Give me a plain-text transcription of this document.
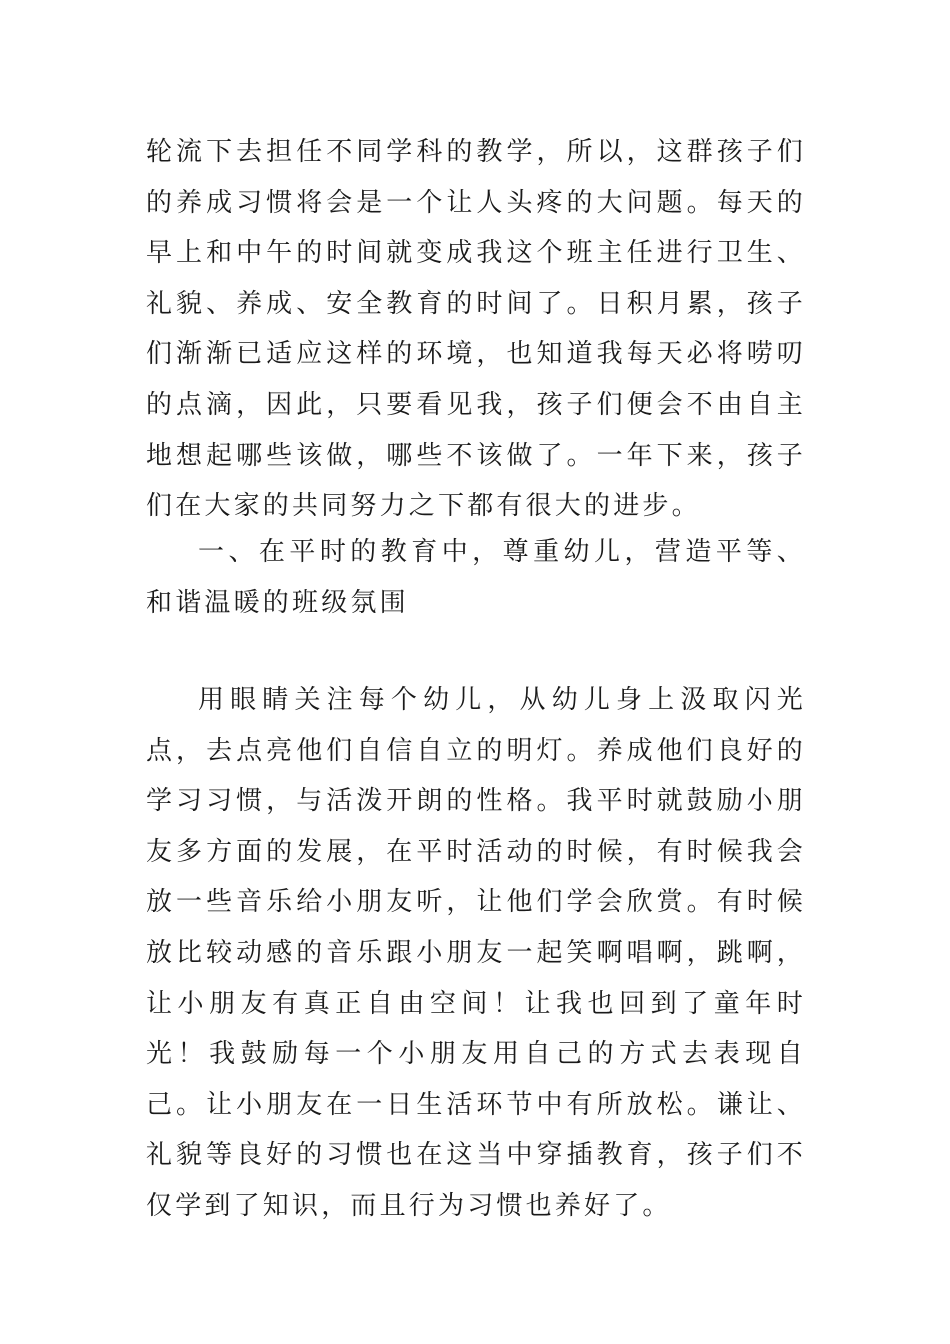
轮流下去担任不同学科的教学，所以，这群孩子们的养成习惯将会是一个让人头疼的大问题。每天的早上和中午的时间就变成我这个班主任进行卫生、礼貌、养成、安全教育的时间了。日积月累，孩子们渐渐已适应这样的环境，也知道我每天必将唠叨的点滴，因此，只要看见我，孩子们便会不由自主地想起哪些该做，哪些不该做了。一年下来，孩子们在大家的共同努力之下都有很大的进步。

一、在平时的教育中，尊重幼儿，营造平等、和谐温暖的班级氛围

用眼睛关注每个幼儿，从幼儿身上汲取闪光点，去点亮他们自信自立的明灯。养成他们良好的学习习惯，与活泼开朗的性格。我平时就鼓励小朋友多方面的发展，在平时活动的时候，有时候我会放一些音乐给小朋友听，让他们学会欣赏。有时候放比较动感的音乐跟小朋友一起笑啊唱啊，跳啊，让小朋友有真正自由空间！让我也回到了童年时光！我鼓励每一个小朋友用自己的方式去表现自己。让小朋友在一日生活环节中有所放松。谦让、礼貌等良好的习惯也在这当中穿插教育，孩子们不仅学到了知识，而且行为习惯也养好了。
